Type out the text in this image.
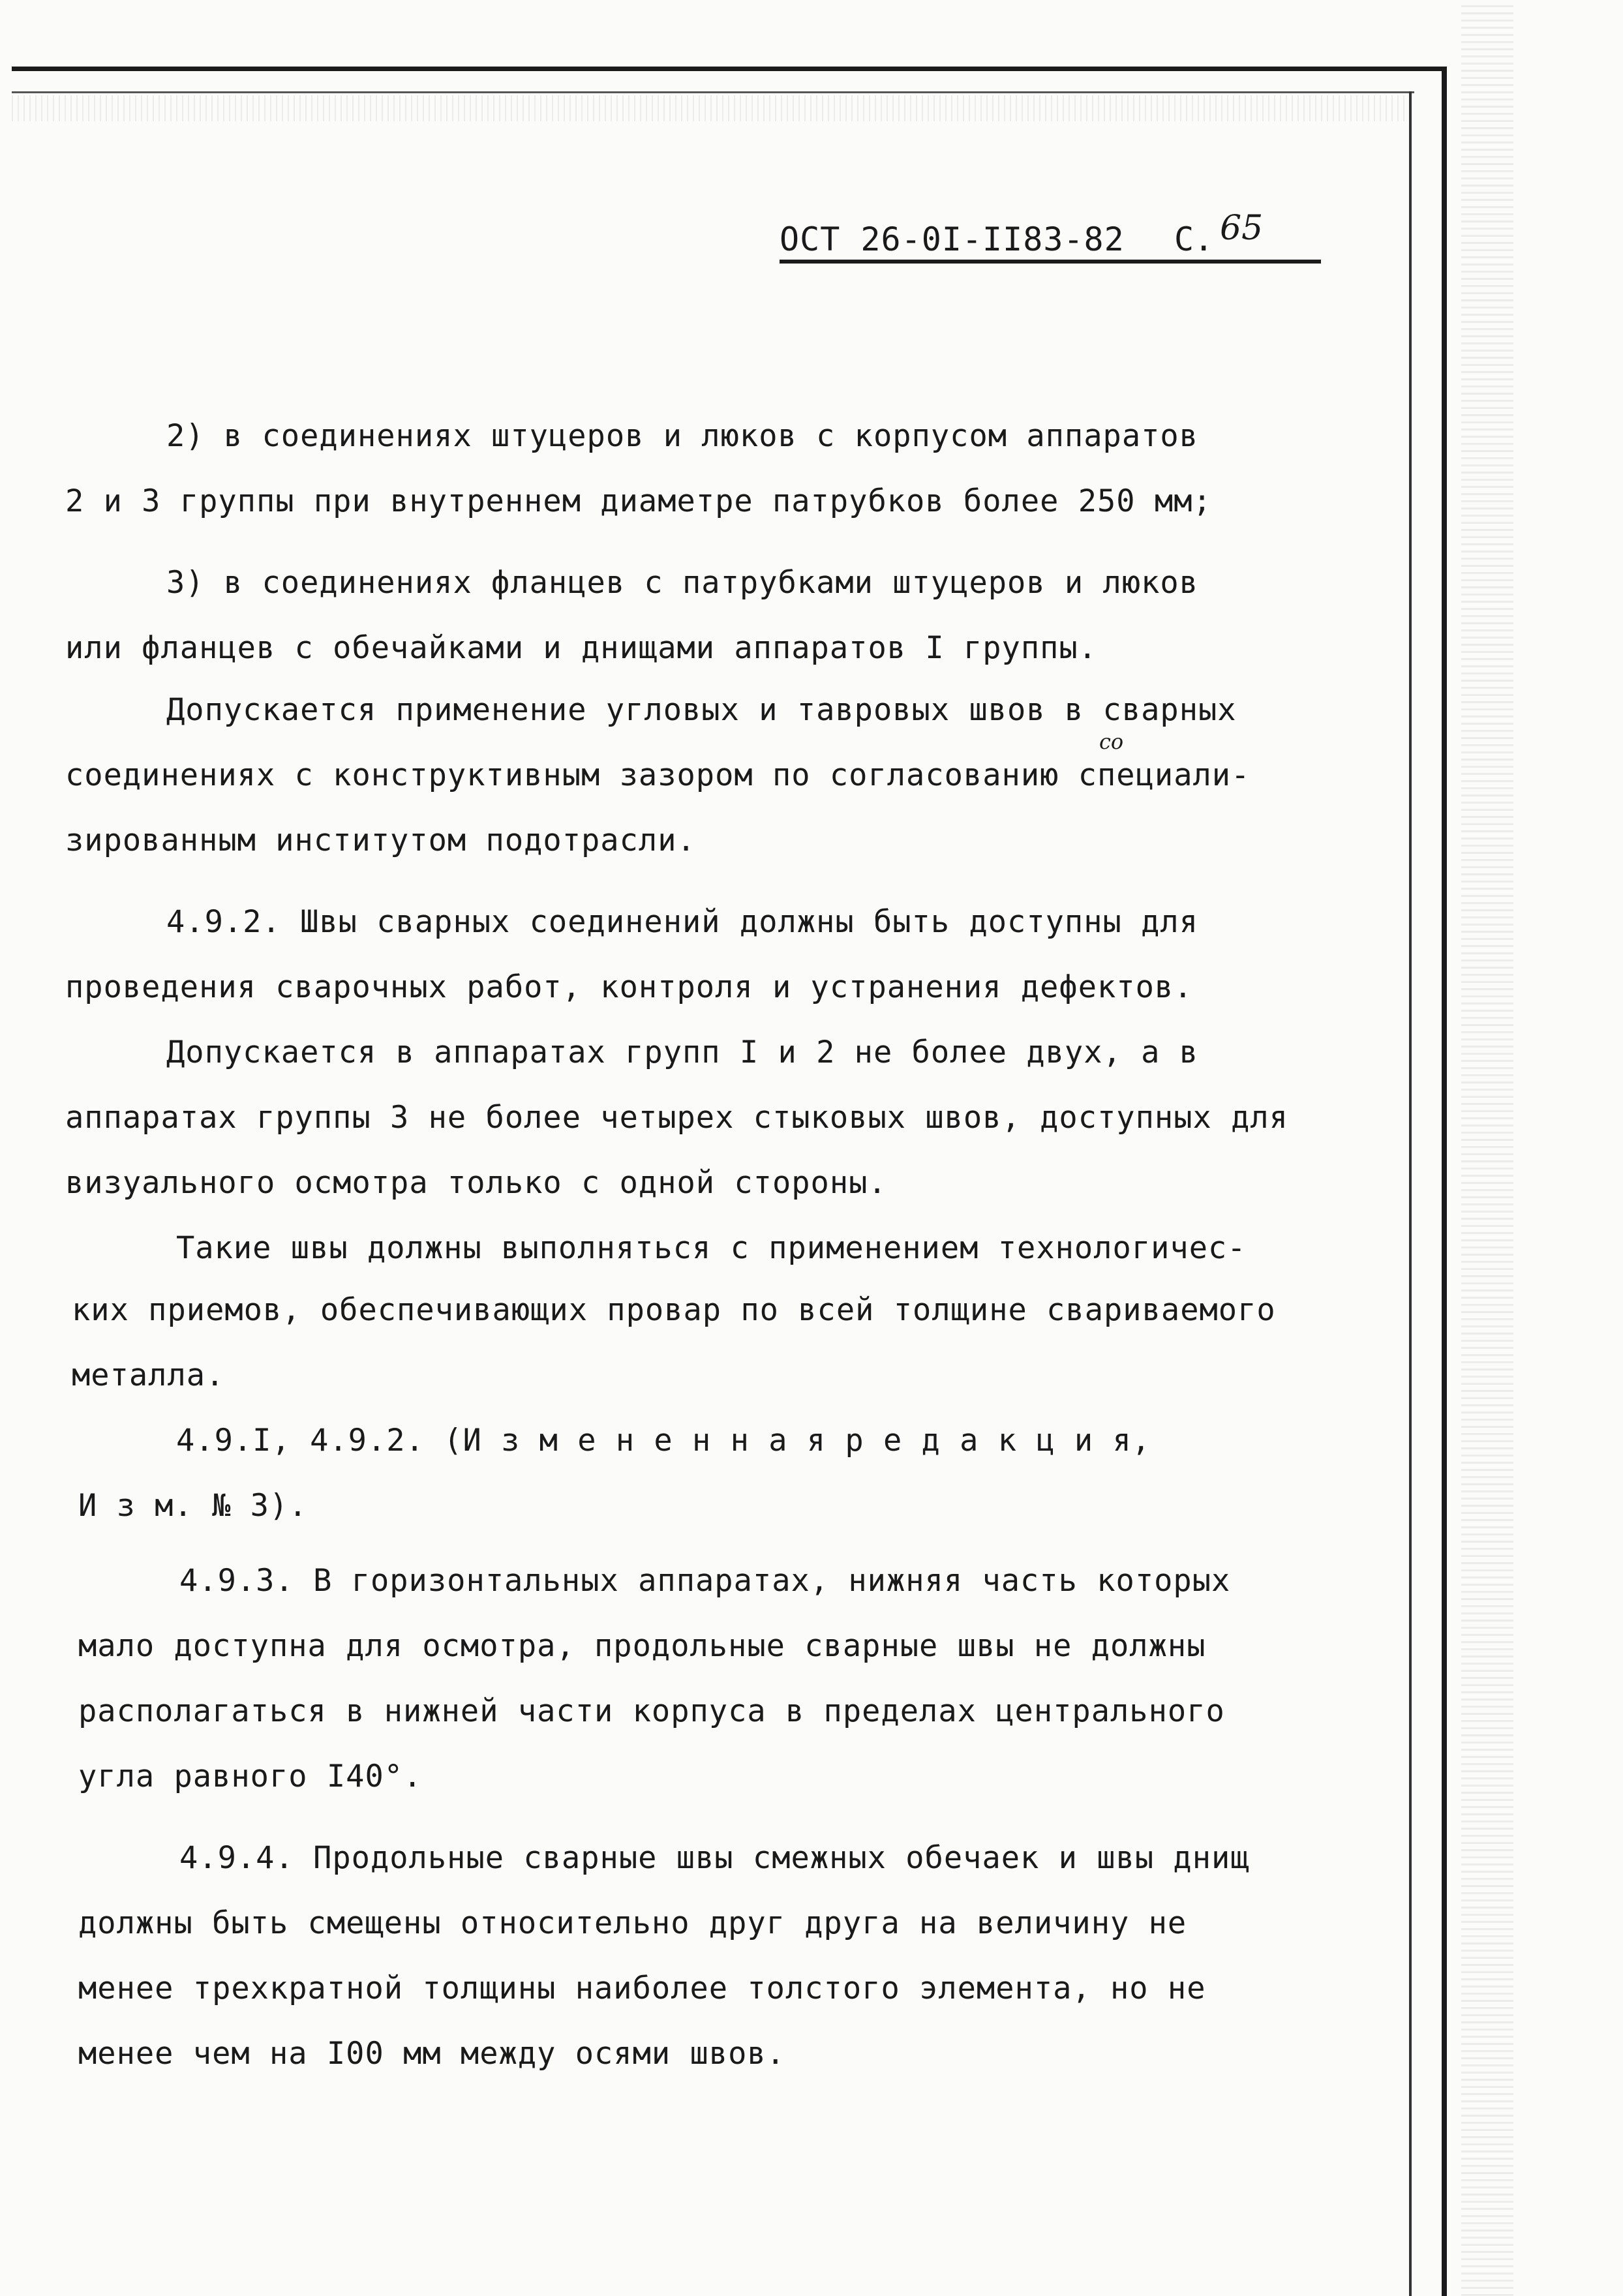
ОСТ 26-0I-II83-82 С. 65
2) в соединениях штуцеров и люков с корпусом аппаратов
2 и 3 группы при внутреннем диаметре патрубков более 250 мм;
3) в соединениях фланцев с патрубками штуцеров и люков
или фланцев с обечайками и днищами аппаратов I группы.
Допускается применение угловых и тавровых швов в сварных
соединениях с конструктивным зазором по согласованию специали-
зированным институтом подотрасли.
4.9.2. Швы сварных соединений должны быть доступны для
проведения сварочных работ, контроля и устранения дефектов.
Допускается в аппаратах групп I и 2 не более двух, а в
аппаратах группы 3 не более четырех стыковых швов, доступных для
визуального осмотра только с одной стороны.
Такие швы должны выполняться с применением технологичес-
ких приемов, обеспечивающих провар по всей толщине свариваемого
металла.
4.9.I, 4.9.2. (И з м е н е н н а я р е д а к ц и я,
И з м. № 3).
4.9.3. В горизонтальных аппаратах, нижняя часть которых
мало доступна для осмотра, продольные сварные швы не должны
располагаться в нижней части корпуса в пределах центрального
угла равного I40°.
4.9.4. Продольные сварные швы смежных обечаек и швы днищ
должны быть смещены относительно друг друга на величину не
менее трехкратной толщины наиболее толстого элемента, но не
менее чем на I00 мм между осями швов.
со
